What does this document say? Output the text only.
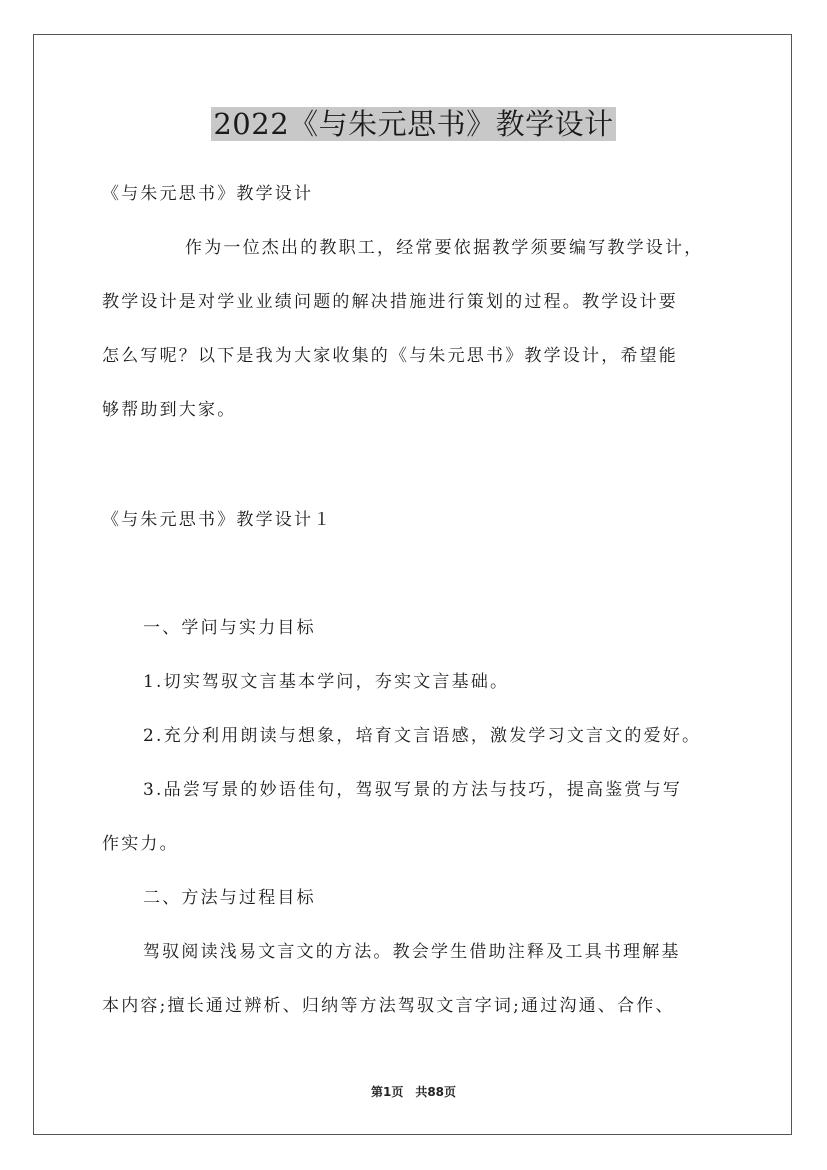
2022《与朱元思书》教学设计

《与朱元思书》教学设计

作为一位杰出的教职工，经常要依据教学须要编写教学设计，

教学设计是对学业业绩问题的解决措施进行策划的过程。教学设计要

怎么写呢？以下是我为大家收集的《与朱元思书》教学设计，希望能

够帮助到大家。

《与朱元思书》教学设计１

一、学问与实力目标

1.切实驾驭文言基本学问，夯实文言基础。

2.充分利用朗读与想象，培育文言语感，激发学习文言文的爱好。

3.品尝写景的妙语佳句，驾驭写景的方法与技巧，提高鉴赏与写

作实力。

二、方法与过程目标

驾驭阅读浅易文言文的方法。教会学生借助注释及工具书理解基

本内容;擅长通过辨析、归纳等方法驾驭文言字词;通过沟通、合作、

第1页　共88页
